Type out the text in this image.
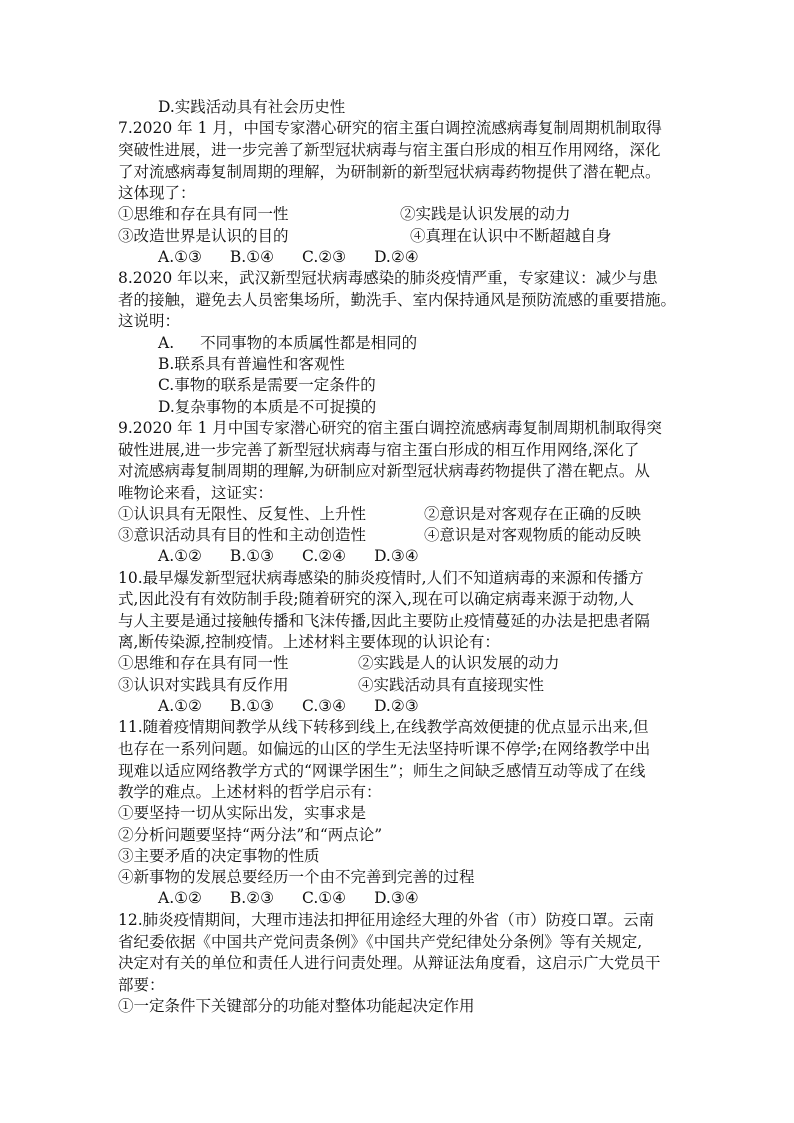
D.实践活动具有社会历史性
7.2020 年 1 月，中国专家潜心研究的宿主蛋白调控流感病毒复制周期机制取得
突破性进展，进一步完善了新型冠状病毒与宿主蛋白形成的相互作用网络，深化
了对流感病毒复制周期的理解，为研制新的新型冠状病毒药物提供了潜在靶点。
这体现了：
①思维和存在具有同一性	②实践是认识发展的动力
③改造世界是认识的目的	④真理在认识中不断超越自身
A.①③ B.①④ C.②③ D.②④
8.2020 年以来，武汉新型冠状病毒感染的肺炎疫情严重，专家建议：减少与患
者的接触，避免去人员密集场所，勤洗手、室内保持通风是预防流感的重要措施。
这说明：
A. 不同事物的本质属性都是相同的
B.联系具有普遍性和客观性
C.事物的联系是需要一定条件的
D.复杂事物的本质是不可捉摸的
9.2020 年 1 月中国专家潜心研究的宿主蛋白调控流感病毒复制周期机制取得突
破性进展,进一步完善了新型冠状病毒与宿主蛋白形成的相互作用网络,深化了
对流感病毒复制周期的理解,为研制应对新型冠状病毒药物提供了潜在靶点。从
唯物论来看，这证实：
①认识具有无限性、反复性、上升性	②意识是对客观存在正确的反映
③意识活动具有目的性和主动创造性	④意识是对客观物质的能动反映
A.①② B.①③ C.②④ D.③④
10.最早爆发新型冠状病毒感染的肺炎疫情时,人们不知道病毒的来源和传播方
式,因此没有有效防制手段;随着研究的深入,现在可以确定病毒来源于动物,人
与人主要是通过接触传播和飞沫传播,因此主要防止疫情蔓延的办法是把患者隔
离,断传染源,控制疫情。上述材料主要体现的认识论有：
①思维和存在具有同一性	②实践是人的认识发展的动力
③认识对实践具有反作用	④实践活动具有直接现实性
A.①② B.①③ C.③④ D.②③
11.随着疫情期间教学从线下转移到线上,在线教学高效便捷的优点显示出来,但
也存在一系列问题。如偏远的山区的学生无法坚持听课不停学;在网络教学中出
现难以适应网络教学方式的“网课学困生”；师生之间缺乏感情互动等成了在线
教学的难点。上述材料的哲学启示有：
①要坚持一切从实际出发，实事求是
②分析问题要坚持“两分法”和“两点论”
③主要矛盾的决定事物的性质
④新事物的发展总要经历一个由不完善到完善的过程
A.①② B.②③ C.①④ D.③④
12.肺炎疫情期间，大理市违法扣押征用途经大理的外省（市）防疫口罩。云南
省纪委依据《中国共产党问责条例》《中国共产党纪律处分条例》等有关规定,
决定对有关的单位和责任人进行问责处理。从辩证法角度看，这启示广大党员干
部要：
①一定条件下关键部分的功能对整体功能起决定作用
